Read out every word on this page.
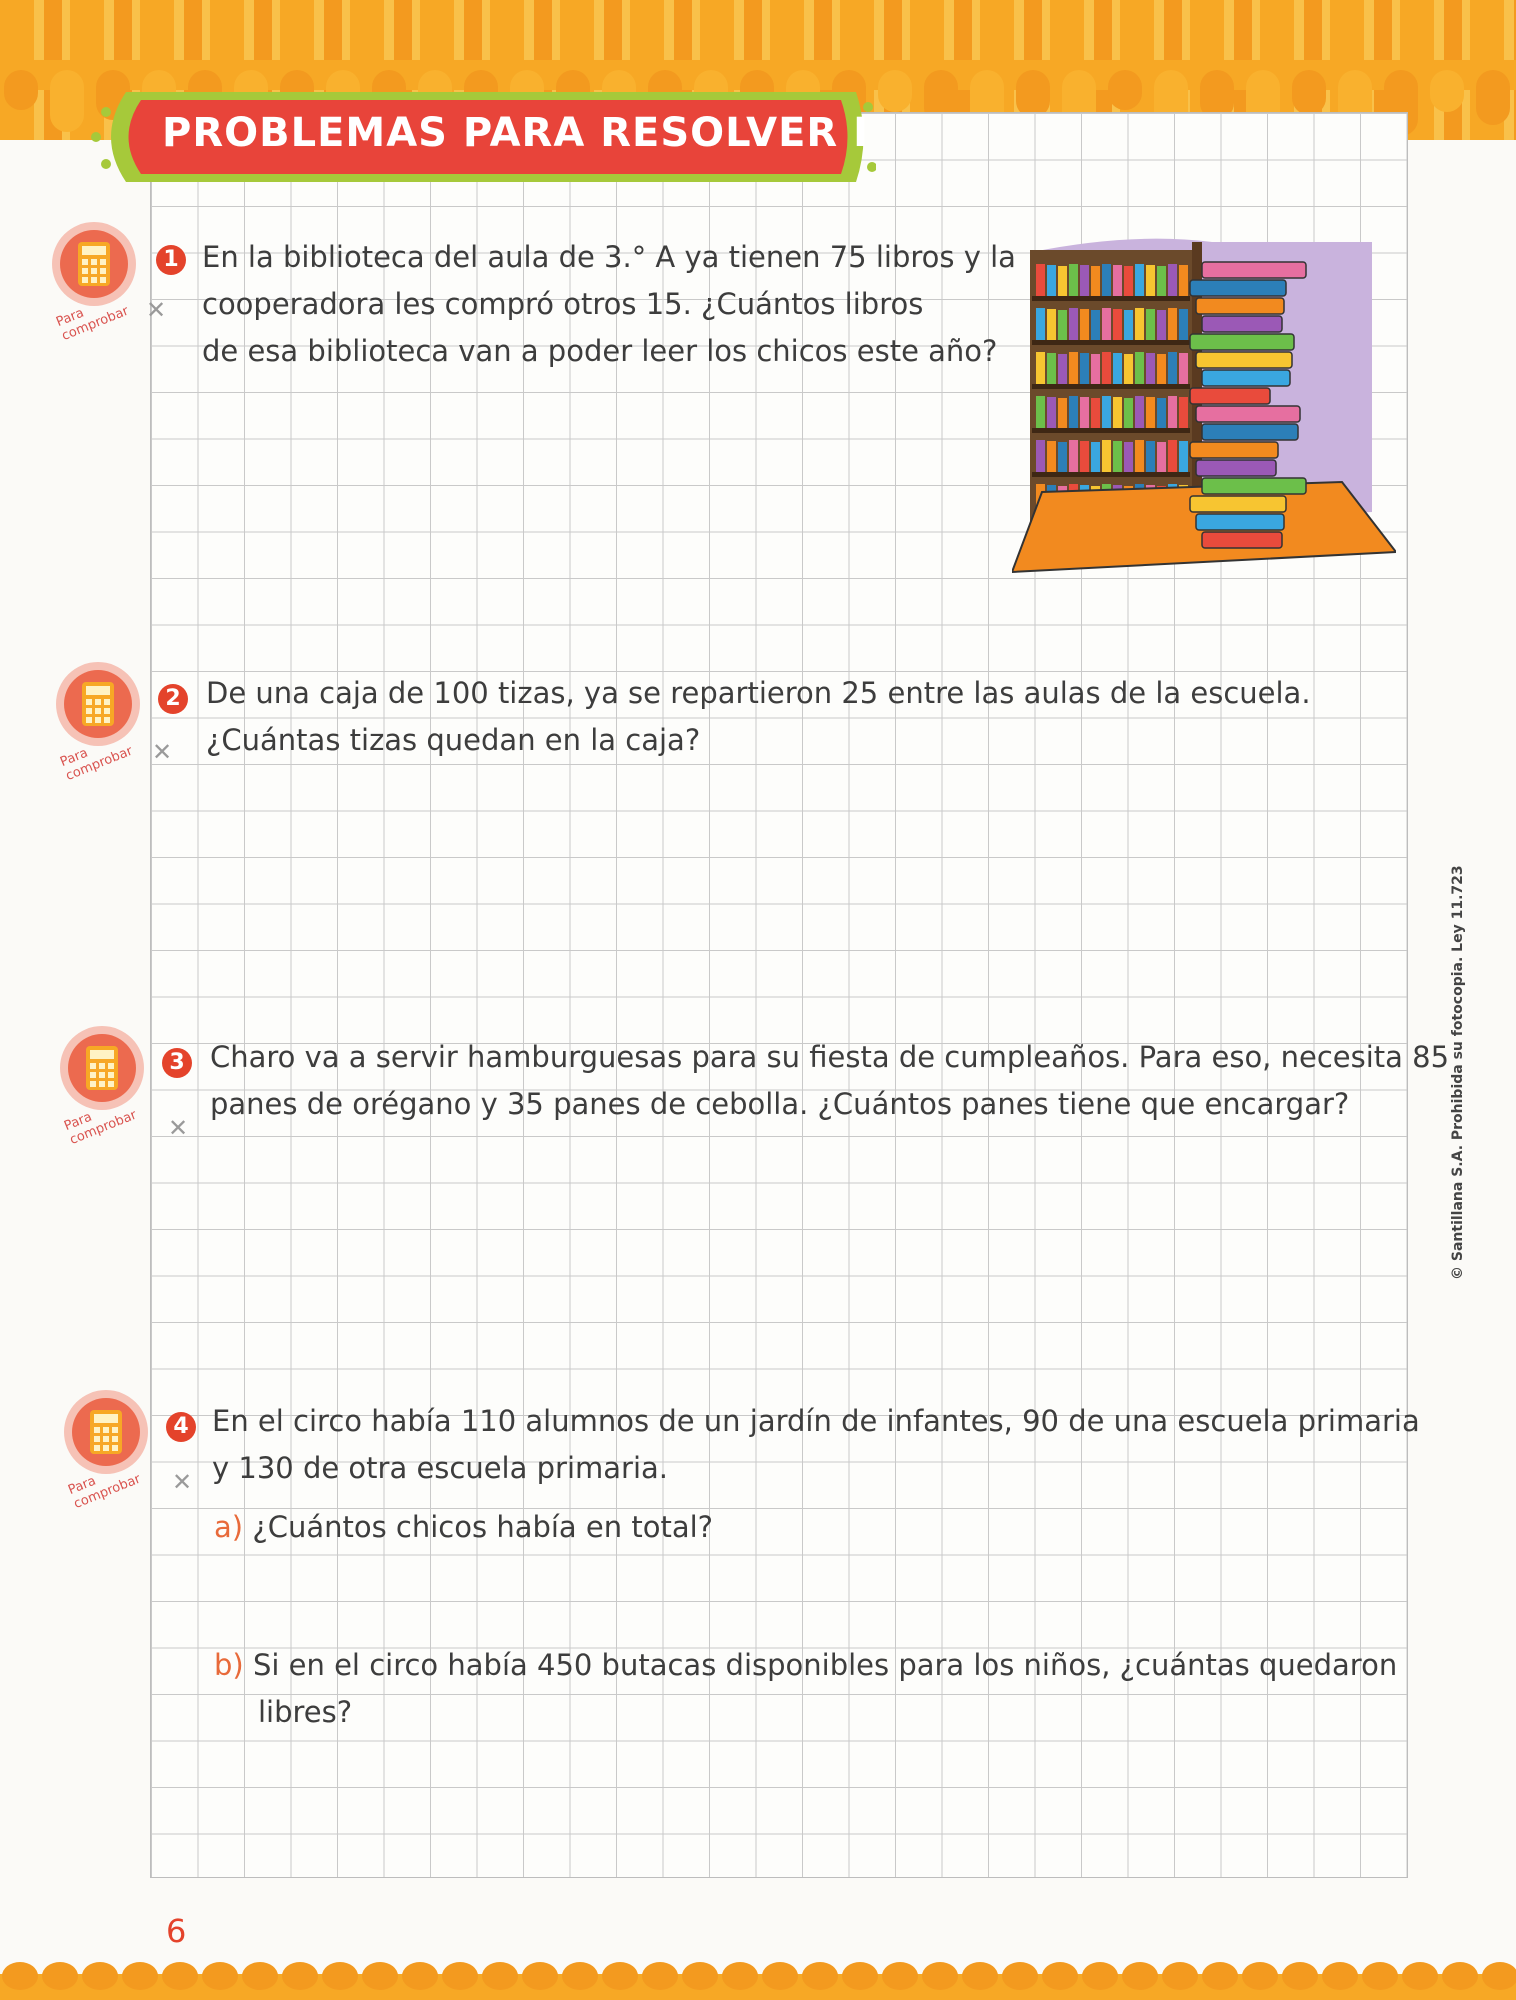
PROBLEMAS PARA RESOLVER I
Para comprobar
Para comprobar
Para comprobar
Para comprobar
1 En la biblioteca del aula de 3.° A ya tienen 75 libros y la
cooperadora les compró otros 15. ¿Cuántos libros
de esa biblioteca van a poder leer los chicos este año?
✕
2 De una caja de 100 tizas, ya se repartieron 25 entre las aulas de la escuela.
¿Cuántas tizas quedan en la caja?
✕
3 Charo va a servir hamburguesas para su fiesta de cumpleaños. Para eso, necesita 85
panes de orégano y 35 panes de cebolla. ¿Cuántos panes tiene que encargar?
✕
4 En el circo había 110 alumnos de un jardín de infantes, 90 de una escuela primaria
y 130 de otra escuela primaria.
✕
a) ¿Cuántos chicos había en total?
b) Si en el circo había 450 butacas disponibles para los niños, ¿cuántas quedaron
libres?
6
© Santillana S.A. Prohibida su fotocopia. Ley 11.723
